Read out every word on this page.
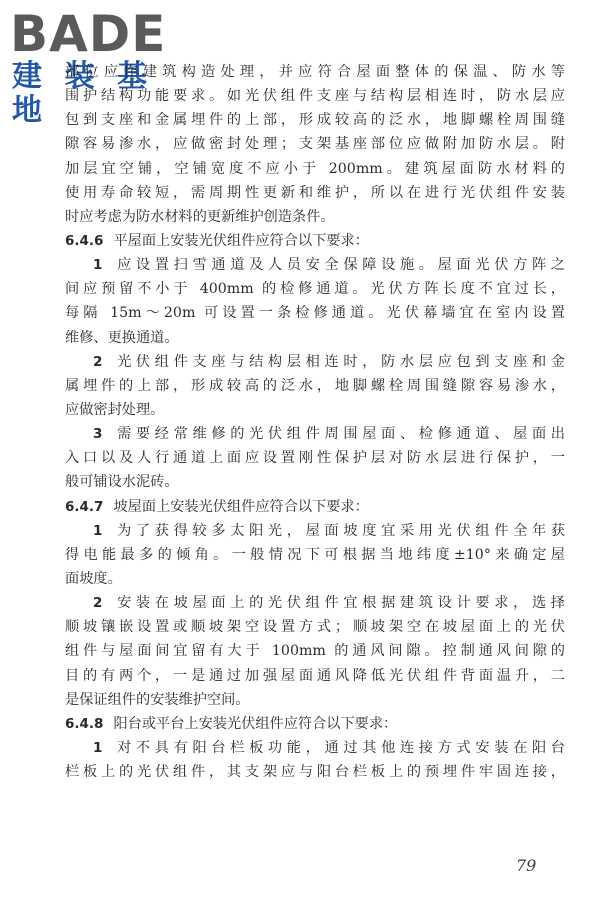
BADE
建 装 基 地
部位应作建筑构造处理，并应符合屋面整体的保温、防水等
围护结构功能要求。如光伏组件支座与结构层相连时，防水层应
包到支座和金属埋件的上部，形成较高的泛水，地脚螺栓周围缝
隙容易渗水，应做密封处理；支架基座部位应做附加防水层。附
加层宜空铺，空铺宽度不应小于 200mm。建筑屋面防水材料的
使用寿命较短，需周期性更新和维护，所以在进行光伏组件安装
时应考虑为防水材料的更新维护创造条件。
6.4.6 平屋面上安装光伏组件应符合以下要求：
1 应设置扫雪通道及人员安全保障设施。屋面光伏方阵之
间应预留不小于 400mm 的检修通道。光伏方阵长度不宜过长，
每隔 15m～20m 可设置一条检修通道。光伏幕墙宜在室内设置
维修、更换通道。
2 光伏组件支座与结构层相连时，防水层应包到支座和金
属埋件的上部，形成较高的泛水，地脚螺栓周围缝隙容易渗水，
应做密封处理。
3 需要经常维修的光伏组件周围屋面、检修通道、屋面出
入口以及人行通道上面应设置刚性保护层对防水层进行保护，一
般可铺设水泥砖。
6.4.7 坡屋面上安装光伏组件应符合以下要求：
1 为了获得较多太阳光，屋面坡度宜采用光伏组件全年获
得电能最多的倾角。一般情况下可根据当地纬度±10°来确定屋
面坡度。
2 安装在坡屋面上的光伏组件宜根据建筑设计要求，选择
顺坡镶嵌设置或顺坡架空设置方式；顺坡架空在坡屋面上的光伏
组件与屋面间宜留有大于 100mm 的通风间隙。控制通风间隙的
目的有两个，一是通过加强屋面通风降低光伏组件背面温升，二
是保证组件的安装维护空间。
6.4.8 阳台或平台上安装光伏组件应符合以下要求：
1 对不具有阳台栏板功能，通过其他连接方式安装在阳台
栏板上的光伏组件，其支架应与阳台栏板上的预埋件牢固连接，
79
